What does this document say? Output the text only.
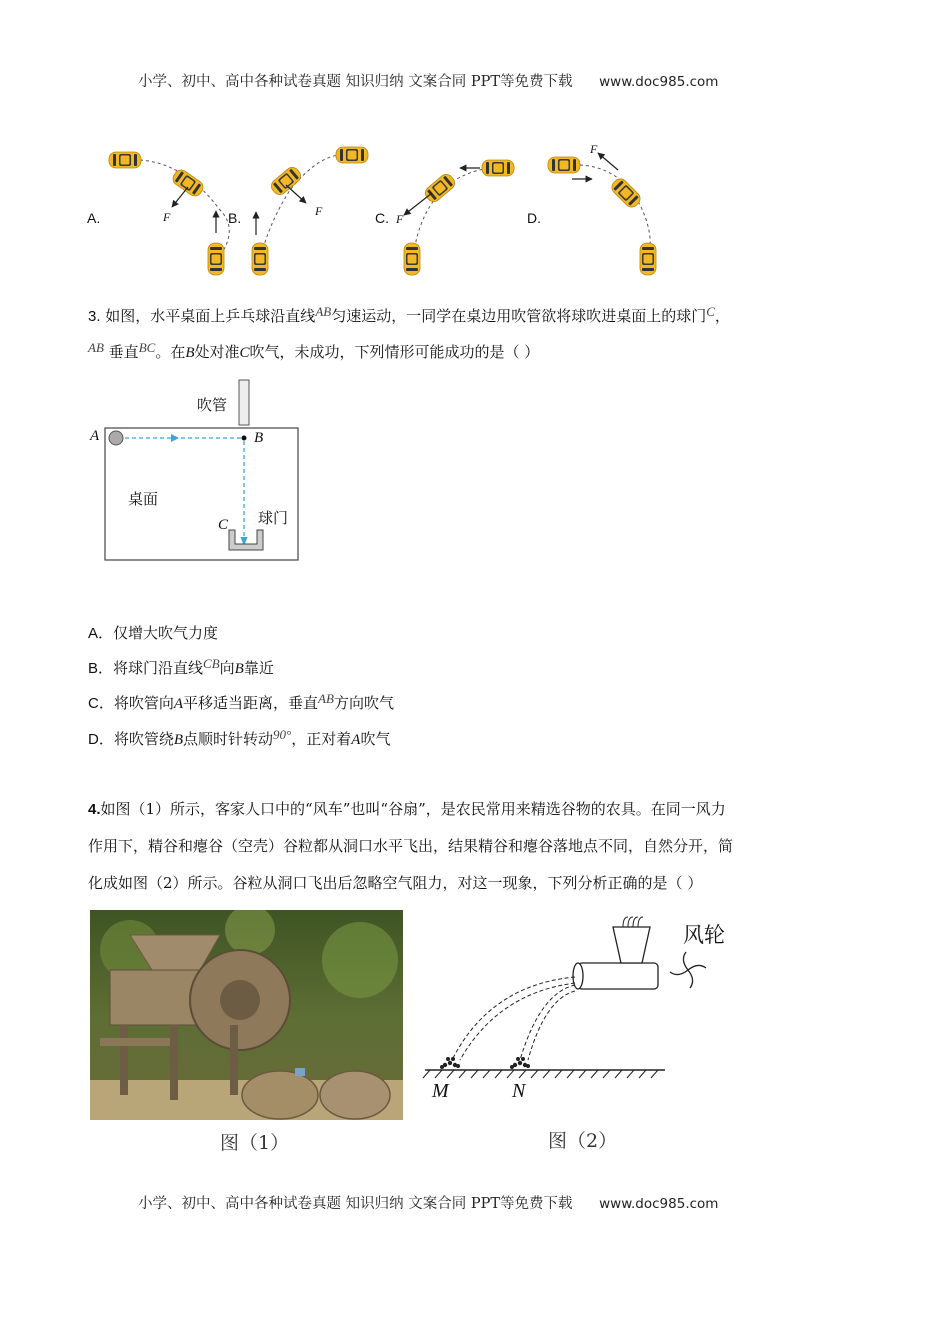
小学、初中、高中各种试卷真题 知识归纳 文案合同 PPT等免费下载 www.doc985.com
A.	B.	C.	D.
F	F
F
F
3. 如图，水平桌面上乒乓球沿直线AB匀速运动，一同学在桌边用吹管欲将球吹进桌面上的球门C，
AB 垂直BC。在B处对准C吹气，未成功，下列情形可能成功的是（ ）
吹管
桌面
球门
A	B
C
A．仅增大吹气力度
B．将球门沿直线CB向B靠近
C．将吹管向A平移适当距离，垂直AB方向吹气
D．将吹管绕B点顺时针转动90°，正对着A吹气
4.如图（1）所示，客家人口中的“风车”也叫“谷扇”，是农民常用来精选谷物的农具。在同一风力
作用下，精谷和瘪谷（空壳）谷粒都从洞口水平飞出，结果精谷和瘪谷落地点不同，自然分开，简
化成如图（2）所示。谷粒从洞口飞出后忽略空气阻力，对这一现象，下列分析正确的是（ ）
图（1）
风轮
M	N
图（2）
小学、初中、高中各种试卷真题 知识归纳 文案合同 PPT等免费下载 www.doc985.com
